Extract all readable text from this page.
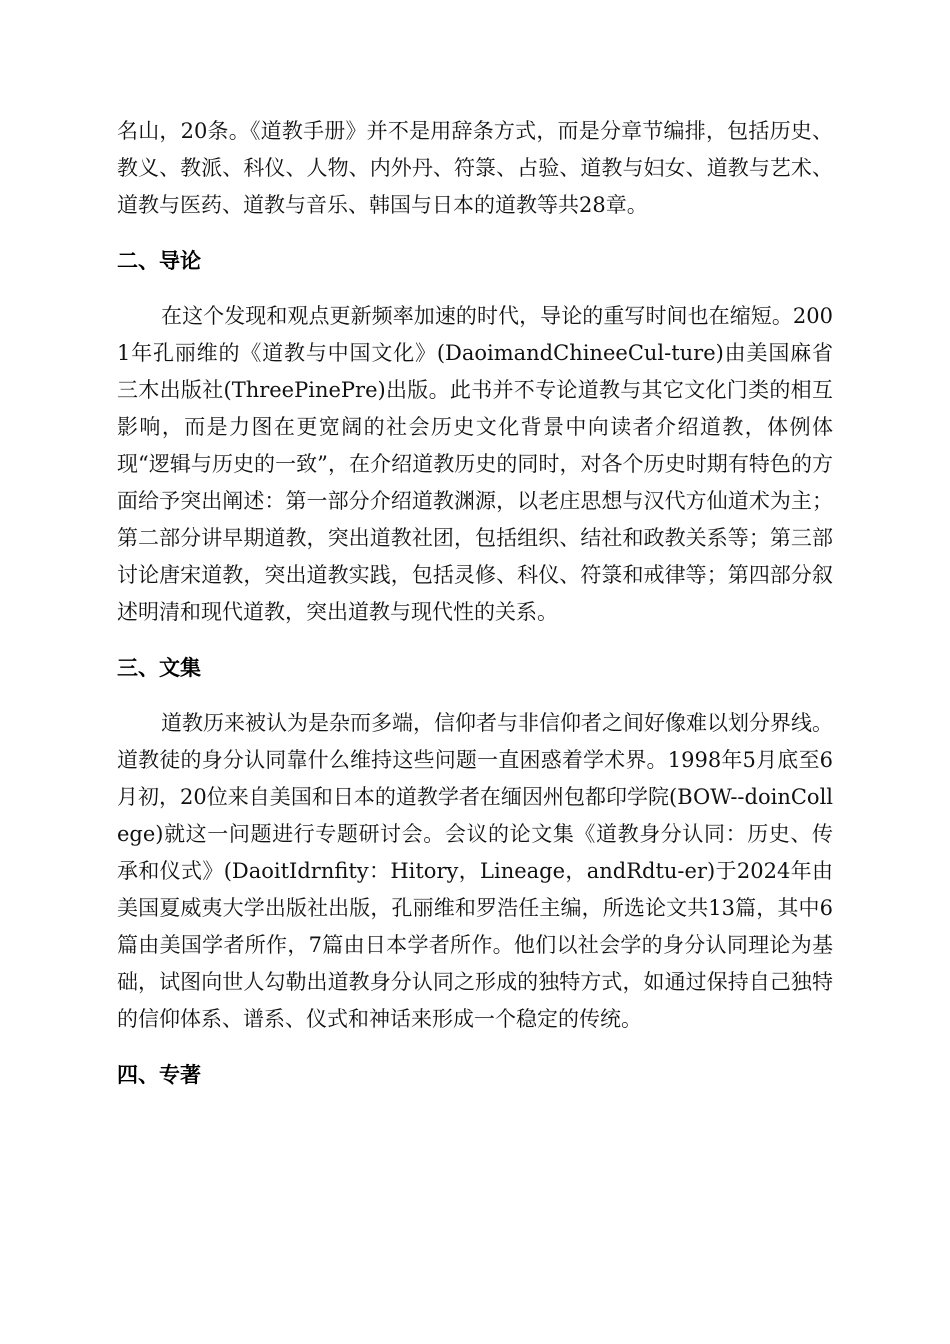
名山，20条。《道教手册》并不是用辞条方式，而是分章节编排，包括历史、教义、教派、科仪、人物、内外丹、符箓、占验、道教与妇女、道教与艺术、道教与医药、道教与音乐、韩国与日本的道教等共28章。

二、导论

在这个发现和观点更新频率加速的时代，导论的重写时间也在缩短。2001年孔丽维的《道教与中国文化》(DaoimandChineeCul-ture)由美国麻省三木出版社(ThreePinePre)出版。此书并不专论道教与其它文化门类的相互影响，而是力图在更宽阔的社会历史文化背景中向读者介绍道教，体例体现“逻辑与历史的一致”，在介绍道教历史的同时，对各个历史时期有特色的方面给予突出阐述：第一部分介绍道教渊源，以老庄思想与汉代方仙道术为主；第二部分讲早期道教，突出道教社团，包括组织、结社和政教关系等；第三部讨论唐宋道教，突出道教实践，包括灵修、科仪、符箓和戒律等；第四部分叙述明清和现代道教，突出道教与现代性的关系。

三、文集

道教历来被认为是杂而多端，信仰者与非信仰者之间好像难以划分界线。道教徒的身分认同靠什么维持这些问题一直困惑着学术界。1998年5月底至6月初，20位来自美国和日本的道教学者在缅因州包都印学院(BOW--doinCollege)就这一问题进行专题研讨会。会议的论文集《道教身分认同：历史、传承和仪式》(DaoitIdrnfity：Hitory，Lineage，andRdtu-er)于2024年由美国夏威夷大学出版社出版，孔丽维和罗浩任主编，所选论文共13篇，其中6篇由美国学者所作，7篇由日本学者所作。他们以社会学的身分认同理论为基础，试图向世人勾勒出道教身分认同之形成的独特方式，如通过保持自己独特的信仰体系、谱系、仪式和神话来形成一个稳定的传统。

四、专著
